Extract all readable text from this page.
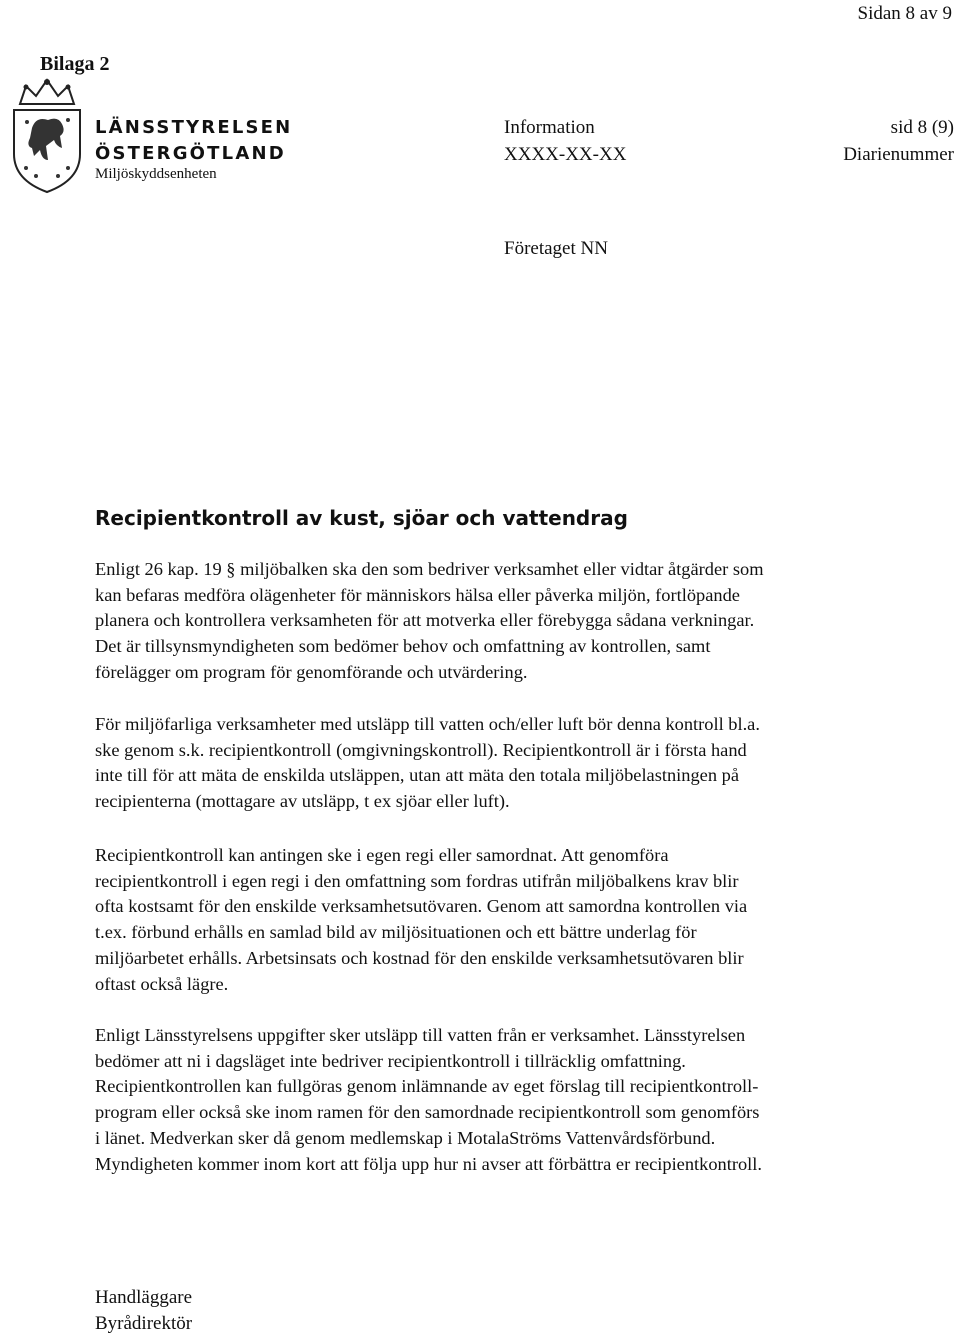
Sidan 8 av 9
Bilaga 2
LÄNSSTYRELSEN
ÖSTERGÖTLAND
Miljöskyddsenheten
Information
XXXX-XX-XX
sid 8 (9)
Diarienummer
Företaget NN
Recipientkontroll av kust, sjöar och vattendrag
Enligt 26 kap. 19 § miljöbalken ska den som bedriver verksamhet eller vidtar åtgärder som
kan befaras medföra olägenheter för människors hälsa eller påverka miljön, fortlöpande
planera och kontrollera verksamheten för att motverka eller förebygga sådana verkningar.
Det är tillsynsmyndigheten som bedömer behov och omfattning av kontrollen, samt
förelägger om program för genomförande och utvärdering.
För miljöfarliga verksamheter med utsläpp till vatten och/eller luft bör denna kontroll bl.a.
ske genom s.k. recipientkontroll (omgivningskontroll). Recipientkontroll är i första hand
inte till för att mäta de enskilda utsläppen, utan att mäta den totala miljöbelastningen på
recipienterna (mottagare av utsläpp, t ex sjöar eller luft).
Recipientkontroll kan antingen ske i egen regi eller samordnat. Att genomföra
recipientkontroll i egen regi i den omfattning som fordras utifrån miljöbalkens krav blir
ofta kostsamt för den enskilde verksamhetsutövaren. Genom att samordna kontrollen via
t.ex. förbund erhålls en samlad bild av miljösituationen och ett bättre underlag för
miljöarbetet erhålls. Arbetsinsats och kostnad för den enskilde verksamhetsutövaren blir
oftast också lägre.
Enligt Länsstyrelsens uppgifter sker utsläpp till vatten från er verksamhet. Länsstyrelsen
bedömer att ni i dagsläget inte bedriver recipientkontroll i tillräcklig omfattning.
Recipientkontrollen kan fullgöras genom inlämnande av eget förslag till recipientkontroll-
program eller också ske inom ramen för den samordnade recipientkontroll som genomförs
i länet. Medverkan sker då genom medlemskap i MotalaStröms Vattenvårdsförbund.
Myndigheten kommer inom kort att följa upp hur ni avser att förbättra er recipientkontroll.
Handläggare
Byrådirektör
